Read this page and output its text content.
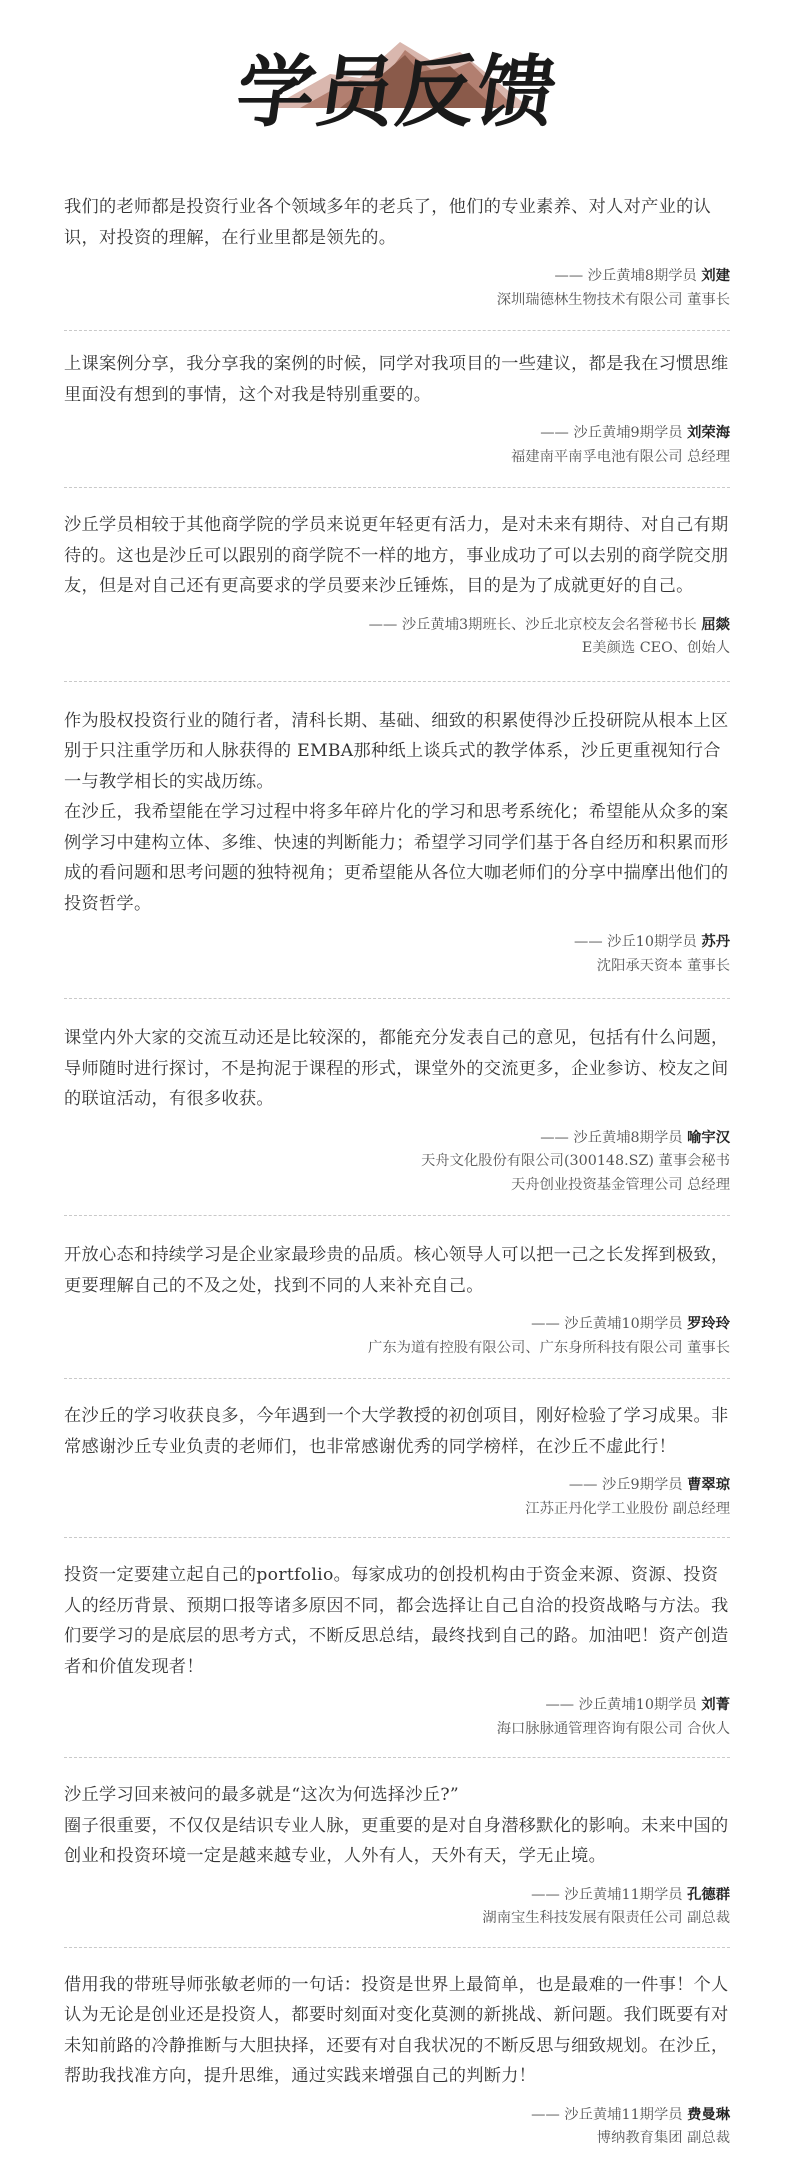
学员反馈

我们的老师都是投资行业各个领域多年的老兵了，他们的专业素养、对人对产业的认识，对投资的理解，在行业里都是领先的。

—— 沙丘黄埔8期学员 刘建
深圳瑞德林生物技术有限公司 董事长

上课案例分享，我分享我的案例的时候，同学对我项目的一些建议，都是我在习惯思维里面没有想到的事情，这个对我是特别重要的。

—— 沙丘黄埔9期学员 刘荣海
福建南平南孚电池有限公司 总经理

沙丘学员相较于其他商学院的学员来说更年轻更有活力，是对未来有期待、对自己有期待的。这也是沙丘可以跟别的商学院不一样的地方，事业成功了可以去别的商学院交朋友，但是对自己还有更高要求的学员要来沙丘锤炼，目的是为了成就更好的自己。

—— 沙丘黄埔3期班长、沙丘北京校友会名誉秘书长 屈燚
E美颜选 CEO、创始人

作为股权投资行业的随行者，清科长期、基础、细致的积累使得沙丘投研院从根本上区别于只注重学历和人脉获得的 EMBA那种纸上谈兵式的教学体系，沙丘更重视知行合一与教学相长的实战历练。

在沙丘，我希望能在学习过程中将多年碎片化的学习和思考系统化；希望能从众多的案例学习中建构立体、多维、快速的判断能力；希望学习同学们基于各自经历和积累而形成的看问题和思考问题的独特视角；更希望能从各位大咖老师们的分享中揣摩出他们的投资哲学。

—— 沙丘10期学员 苏丹
沈阳承天资本 董事长

课堂内外大家的交流互动还是比较深的，都能充分发表自己的意见，包括有什么问题，导师随时进行探讨，不是拘泥于课程的形式，课堂外的交流更多，企业参访、校友之间的联谊活动，有很多收获。

—— 沙丘黄埔8期学员 喻宇汉
天舟文化股份有限公司(300148.SZ) 董事会秘书
天舟创业投资基金管理公司 总经理

开放心态和持续学习是企业家最珍贵的品质。核心领导人可以把一己之长发挥到极致，更要理解自己的不及之处，找到不同的人来补充自己。

—— 沙丘黄埔10期学员 罗玲玲
广东为道有控股有限公司、广东身所科技有限公司 董事长

在沙丘的学习收获良多，今年遇到一个大学教授的初创项目，刚好检验了学习成果。非常感谢沙丘专业负责的老师们，也非常感谢优秀的同学榜样，在沙丘不虚此行！

—— 沙丘9期学员 曹翠琼
江苏正丹化学工业股份 副总经理

投资一定要建立起自己的portfolio。每家成功的创投机构由于资金来源、资源、投资人的经历背景、预期口报等诸多原因不同，都会选择让自己自洽的投资战略与方法。我们要学习的是底层的思考方式，不断反思总结，最终找到自己的路。加油吧！资产创造者和价值发现者！

—— 沙丘黄埔10期学员 刘菁
海口脉脉通管理咨询有限公司 合伙人

沙丘学习回来被问的最多就是“这次为何选择沙丘?”

圈子很重要，不仅仅是结识专业人脉，更重要的是对自身潜移默化的影响。未来中国的创业和投资环境一定是越来越专业，人外有人，天外有天，学无止境。

—— 沙丘黄埔11期学员 孔德群
湖南宝生科技发展有限责任公司 副总裁

借用我的带班导师张敏老师的一句话：投资是世界上最简单，也是最难的一件事！个人认为无论是创业还是投资人，都要时刻面对变化莫测的新挑战、新问题。我们既要有对未知前路的冷静推断与大胆抉择，还要有对自我状况的不断反思与细致规划。在沙丘，帮助我找准方向，提升思维，通过实践来增强自己的判断力！

—— 沙丘黄埔11期学员 费曼琳
博纳教育集团 副总裁
